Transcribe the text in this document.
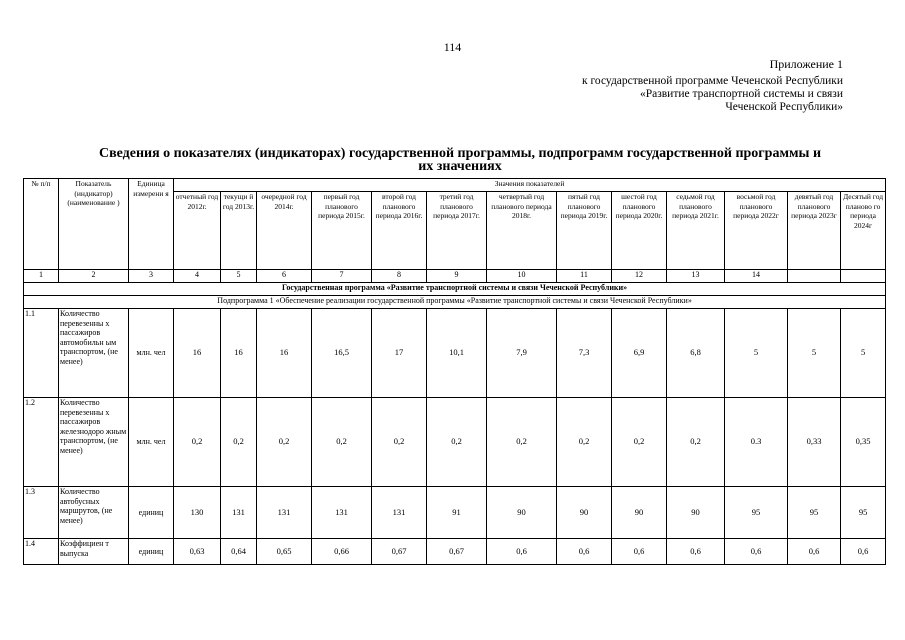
114
Приложение 1
к государственной программе Чеченской Республики
«Развитие транспортной системы и связи
Чеченской Республики»
Сведения о показателях (индикаторах) государственной программы, подпрограмм государственной программы и
их значениях
№ п/п	Показатель (индикатор) (наименование )	Единица измерени я	Значения показателей												
			отчетный год 2012г.	текущи й год 2013г.	очередной год 2014г.	первый год планового периода 2015г.	второй год планового периода 2016г.	третий год планового периода 2017г.	четвертый год планового периода 2018г.	пятый год планового периода 2019г.	шестой год планового периода 2020г.	седьмой год планового периода 2021г.	восьмой год планового периода 2022г	девятый год планового периода 2023г	Десятый год планово го периода 2024г
1	2	3	4	5	6	7	8	9	10	11	12	13	14		
Государственная программа «Развитие транспортной системы и связи Чеченской Республики»															
Подпрограмма 1 «Обеспечение реализации государственной программы «Развитие транспортной системы и связи Чеченской Республики»															
1.1	Количество перевезенны х пассажиров автомобильн ым транспортом, (не менее)	млн. чел	16	16	16	16,5	17	10,1	7,9	7,3	6,9	6,8	5	5	5
1.2	Количество перевезенны х пассажиров железнодоро жным транспортом, (не менее)	млн. чел	0,2	0,2	0,2	0,2	0,2	0,2	0,2	0,2	0,2	0,2	0.3	0,33	0,35
1.3	Количество автобусных маршрутов, (не менее)	единиц	130	131	131	131	131	91	90	90	90	90	95	95	95
1.4	Коэффициен т выпуска	единиц	0,63	0,64	0,65	0,66	0,67	0,67	0,6	0,6	0,6	0,6	0,6	0,6	0,6
